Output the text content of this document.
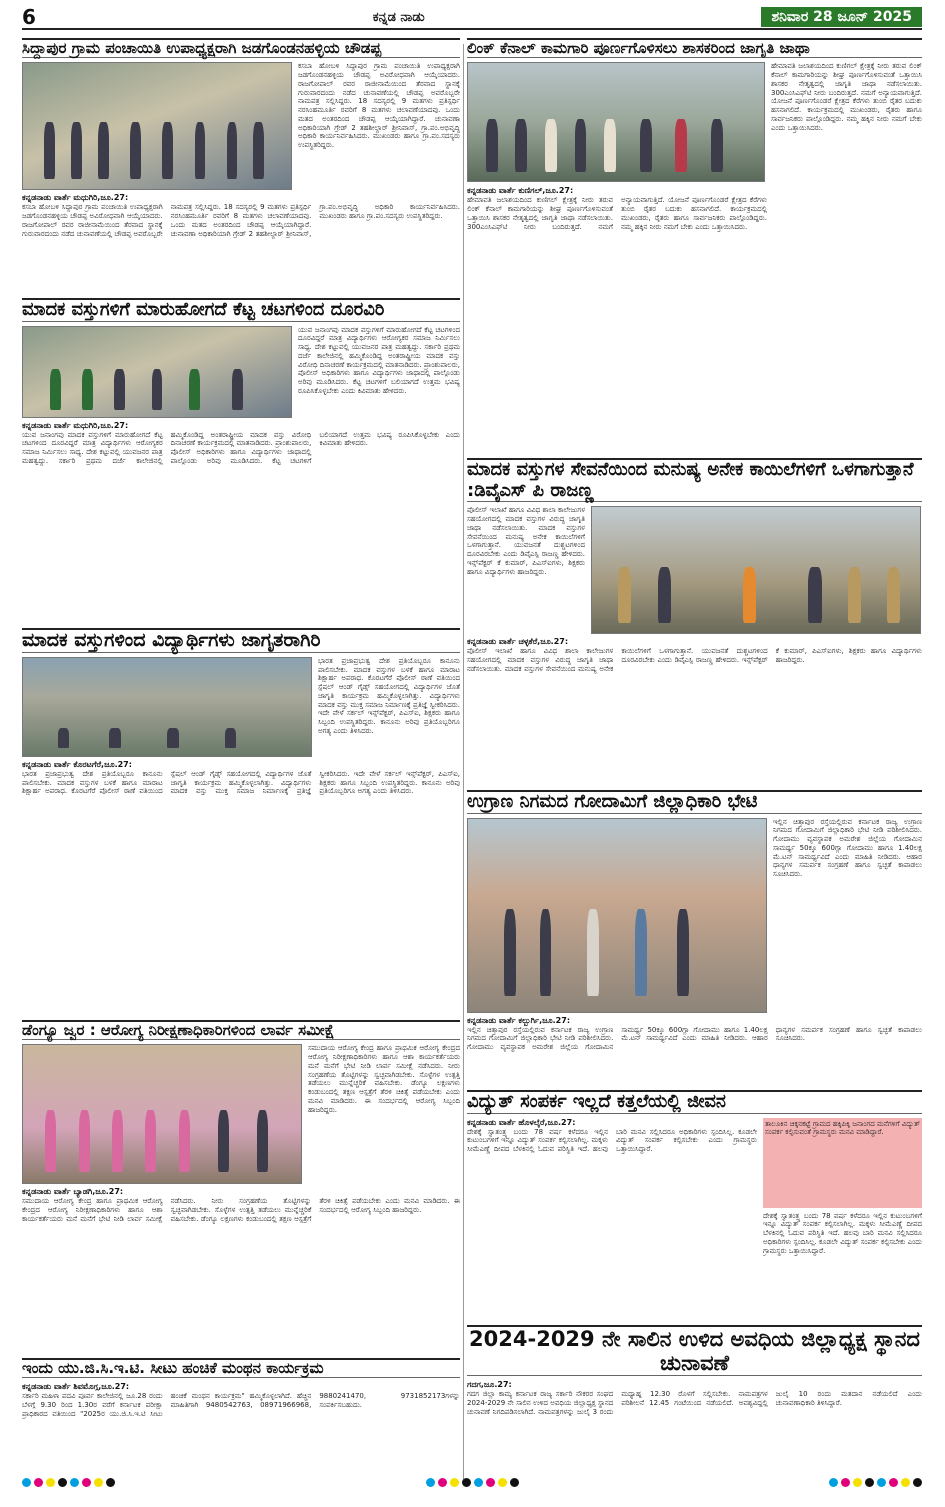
6	ಕನ್ನಡ ನಾಡು	ಶನಿವಾರ 28 ಜೂನ್ 2025
ಸಿದ್ದಾಪುರ ಗ್ರಾಮ ಪಂಚಾಯಿತಿ ಉಪಾಧ್ಯಕ್ಷರಾಗಿ ಜಡಗೊಂಡನಹಳ್ಳಿಯ ಚೌಡಪ್ಪ
ಕಸಬಾ ಹೋಬಳಿ ಸಿದ್ದಾಪುರ ಗ್ರಾಮ ಪಂಚಾಯಿತಿ ಉಪಾಧ್ಯಕ್ಷರಾಗಿ ಜಡಗೊಂಡನಹಳ್ಳಿಯ ಚೌಡಪ್ಪ ಅವಿರೋಧವಾಗಿ ಆಯ್ಕೆಯಾದರು. ರಾಜಗೋಪಾಲ್ ರವರ ರಾಜೀನಾಮೆಯಿಂದ ತೆರವಾದ ಸ್ಥಾನಕ್ಕೆ ಗುರುವಾರದಂದು ನಡೆದ ಚುನಾವಣೆಯಲ್ಲಿ ಚೌಡಪ್ಪ ಅವರೊಬ್ಬರೇ ನಾಮಪತ್ರ ಸಲ್ಲಿಸಿದ್ದರು. 18 ಸದಸ್ಯರಲ್ಲಿ 9 ಮತಗಳು ಪ್ರತಿಸ್ಪರ್ಧಿ ನರಸಿಂಹಮೂರ್ತಿ ರವರಿಗೆ 8 ಮತಗಳು ಚಲಾವಣೆಯಾದವು. ಒಂದು ಮತದ ಅಂತರದಿಂದ ಚೌಡಪ್ಪ ಆಯ್ಕೆಯಾಗಿದ್ದಾರೆ. ಚುನಾವಣಾ ಅಧಿಕಾರಿಯಾಗಿ ಗ್ರೇಡ್ 2 ತಹಶೀಲ್ದಾರ್ ಶ್ರೀನಿವಾಸ್, ಗ್ರಾ.ಪಂ.ಅಭಿವೃದ್ಧಿ ಅಧಿಕಾರಿ ಕಾರ್ಯನಿರ್ವಹಿಸಿದರು. ಮುಖಂಡರು ಹಾಗೂ ಗ್ರಾ.ಪಂ.ಸದಸ್ಯರು ಉಪಸ್ಥಿತರಿದ್ದರು.
ಕನ್ನಡನಾಡು ವಾರ್ತೆ ಮಧುಗಿರಿ,ಜೂ.27:
ಕಸಬಾ ಹೋಬಳಿ ಸಿದ್ದಾಪುರ ಗ್ರಾಮ ಪಂಚಾಯಿತಿ ಉಪಾಧ್ಯಕ್ಷರಾಗಿ ಜಡಗೊಂಡನಹಳ್ಳಿಯ ಚೌಡಪ್ಪ ಅವಿರೋಧವಾಗಿ ಆಯ್ಕೆಯಾದರು. ರಾಜಗೋಪಾಲ್ ರವರ ರಾಜೀನಾಮೆಯಿಂದ ತೆರವಾದ ಸ್ಥಾನಕ್ಕೆ ಗುರುವಾರದಂದು ನಡೆದ ಚುನಾವಣೆಯಲ್ಲಿ ಚೌಡಪ್ಪ ಅವರೊಬ್ಬರೇ ನಾಮಪತ್ರ ಸಲ್ಲಿಸಿದ್ದರು. 18 ಸದಸ್ಯರಲ್ಲಿ 9 ಮತಗಳು ಪ್ರತಿಸ್ಪರ್ಧಿ ನರಸಿಂಹಮೂರ್ತಿ ರವರಿಗೆ 8 ಮತಗಳು ಚಲಾವಣೆಯಾದವು. ಒಂದು ಮತದ ಅಂತರದಿಂದ ಚೌಡಪ್ಪ ಆಯ್ಕೆಯಾಗಿದ್ದಾರೆ. ಚುನಾವಣಾ ಅಧಿಕಾರಿಯಾಗಿ ಗ್ರೇಡ್ 2 ತಹಶೀಲ್ದಾರ್ ಶ್ರೀನಿವಾಸ್, ಗ್ರಾ.ಪಂ.ಅಭಿವೃದ್ಧಿ ಅಧಿಕಾರಿ ಕಾರ್ಯನಿರ್ವಹಿಸಿದರು. ಮುಖಂಡರು ಹಾಗೂ ಗ್ರಾ.ಪಂ.ಸದಸ್ಯರು ಉಪಸ್ಥಿತರಿದ್ದರು.
ಮಾದಕ ವಸ್ತುಗಳಿಗೆ ಮಾರುಹೋಗದೆ ಕೆಟ್ಟ ಚಟಗಳಿಂದ ದೂರವಿರಿ
ಯುವ ಜನಾಂಗವು ಮಾದಕ ವಸ್ತುಗಳಿಗೆ ಮಾರುಹೋಗದೆ ಕೆಟ್ಟ ಚಟಗಳಿಂದ ದೂರವಿದ್ದರೆ ಮಾತ್ರ ವಿದ್ಯಾರ್ಥಿಗಳು ಆರೋಗ್ಯಕರ ಸಮಾಜ ನಿರ್ಮಿಸಲು ಸಾಧ್ಯ. ದೇಶ ಕಟ್ಟುವಲ್ಲಿ ಯುವಜನರ ಪಾತ್ರ ಮಹತ್ವದ್ದು. ಸರ್ಕಾರಿ ಪ್ರಥಮ ದರ್ಜೆ ಕಾಲೇಜಿನಲ್ಲಿ ಹಮ್ಮಿಕೊಂಡಿದ್ದ ಅಂತರಾಷ್ಟ್ರೀಯ ಮಾದಕ ವಸ್ತು ವಿರೋಧಿ ದಿನಾಚರಣೆ ಕಾರ್ಯಕ್ರಮದಲ್ಲಿ ಮಾತನಾಡಿದರು. ಪ್ರಾಂಶುಪಾಲರು, ಪೊಲೀಸ್ ಅಧಿಕಾರಿಗಳು ಹಾಗೂ ವಿದ್ಯಾರ್ಥಿಗಳು ಜಾಥಾದಲ್ಲಿ ಪಾಲ್ಗೊಂಡು ಅರಿವು ಮೂಡಿಸಿದರು. ಕೆಟ್ಟ ಚಟಗಳಿಗೆ ಬಲಿಯಾಗದೆ ಉತ್ತಮ ಭವಿಷ್ಯ ರೂಪಿಸಿಕೊಳ್ಳಬೇಕು ಎಂದು ಕಿವಿಮಾತು ಹೇಳಿದರು.
ಕನ್ನಡನಾಡು ವಾರ್ತೆ ಮಧುಗಿರಿ,ಜೂ.27:
ಯುವ ಜನಾಂಗವು ಮಾದಕ ವಸ್ತುಗಳಿಗೆ ಮಾರುಹೋಗದೆ ಕೆಟ್ಟ ಚಟಗಳಿಂದ ದೂರವಿದ್ದರೆ ಮಾತ್ರ ವಿದ್ಯಾರ್ಥಿಗಳು ಆರೋಗ್ಯಕರ ಸಮಾಜ ನಿರ್ಮಿಸಲು ಸಾಧ್ಯ. ದೇಶ ಕಟ್ಟುವಲ್ಲಿ ಯುವಜನರ ಪಾತ್ರ ಮಹತ್ವದ್ದು. ಸರ್ಕಾರಿ ಪ್ರಥಮ ದರ್ಜೆ ಕಾಲೇಜಿನಲ್ಲಿ ಹಮ್ಮಿಕೊಂಡಿದ್ದ ಅಂತರಾಷ್ಟ್ರೀಯ ಮಾದಕ ವಸ್ತು ವಿರೋಧಿ ದಿನಾಚರಣೆ ಕಾರ್ಯಕ್ರಮದಲ್ಲಿ ಮಾತನಾಡಿದರು. ಪ್ರಾಂಶುಪಾಲರು, ಪೊಲೀಸ್ ಅಧಿಕಾರಿಗಳು ಹಾಗೂ ವಿದ್ಯಾರ್ಥಿಗಳು ಜಾಥಾದಲ್ಲಿ ಪಾಲ್ಗೊಂಡು ಅರಿವು ಮೂಡಿಸಿದರು. ಕೆಟ್ಟ ಚಟಗಳಿಗೆ ಬಲಿಯಾಗದೆ ಉತ್ತಮ ಭವಿಷ್ಯ ರೂಪಿಸಿಕೊಳ್ಳಬೇಕು ಎಂದು ಕಿವಿಮಾತು ಹೇಳಿದರು.
ಮಾದಕ ವಸ್ತುಗಳಿಂದ ವಿದ್ಯಾರ್ಥಿಗಳು ಜಾಗೃತರಾಗಿರಿ
ಭಾರತ ಪ್ರಜಾಪ್ರಭುತ್ವ ದೇಶ ಪ್ರತಿಯೊಬ್ಬರೂ ಕಾನೂನು ಪಾಲಿಸಬೇಕು. ಮಾದಕ ವಸ್ತುಗಳ ಬಳಕೆ ಹಾಗೂ ಮಾರಾಟ ಶಿಕ್ಷಾರ್ಹ ಅಪರಾಧ. ಕೊರಟಗೆರೆ ಪೊಲೀಸ್ ಠಾಣೆ ವತಿಯಿಂದ ಸ್ಪೆಷಲ್ ಆಂಡ್ ಗೈಡ್ಸ್ ಸಹಯೋಗದಲ್ಲಿ ವಿದ್ಯಾರ್ಥಿಗಳ ಜೊತೆ ಜಾಗೃತಿ ಕಾರ್ಯಕ್ರಮ ಹಮ್ಮಿಕೊಳ್ಳಲಾಗಿತ್ತು. ವಿದ್ಯಾರ್ಥಿಗಳು ಮಾದಕ ವಸ್ತು ಮುಕ್ತ ಸಮಾಜ ನಿರ್ಮಾಣಕ್ಕೆ ಪ್ರತಿಜ್ಞೆ ಸ್ವೀಕರಿಸಿದರು. ಇದೇ ವೇಳೆ ಸರ್ಕಲ್ ಇನ್ಸ್‌ಪೆಕ್ಟರ್, ಪಿಎಸ್‌ಐ, ಶಿಕ್ಷಕರು ಹಾಗೂ ಸಿಬ್ಬಂದಿ ಉಪಸ್ಥಿತರಿದ್ದರು. ಕಾನೂನು ಅರಿವು ಪ್ರತಿಯೊಬ್ಬರಿಗೂ ಅಗತ್ಯ ಎಂದು ತಿಳಿಸಿದರು.
ಕನ್ನಡನಾಡು ವಾರ್ತೆ ಕೊರಟಗೆರೆ,ಜೂ.27:
ಭಾರತ ಪ್ರಜಾಪ್ರಭುತ್ವ ದೇಶ ಪ್ರತಿಯೊಬ್ಬರೂ ಕಾನೂನು ಪಾಲಿಸಬೇಕು. ಮಾದಕ ವಸ್ತುಗಳ ಬಳಕೆ ಹಾಗೂ ಮಾರಾಟ ಶಿಕ್ಷಾರ್ಹ ಅಪರಾಧ. ಕೊರಟಗೆರೆ ಪೊಲೀಸ್ ಠಾಣೆ ವತಿಯಿಂದ ಸ್ಪೆಷಲ್ ಆಂಡ್ ಗೈಡ್ಸ್ ಸಹಯೋಗದಲ್ಲಿ ವಿದ್ಯಾರ್ಥಿಗಳ ಜೊತೆ ಜಾಗೃತಿ ಕಾರ್ಯಕ್ರಮ ಹಮ್ಮಿಕೊಳ್ಳಲಾಗಿತ್ತು. ವಿದ್ಯಾರ್ಥಿಗಳು ಮಾದಕ ವಸ್ತು ಮುಕ್ತ ಸಮಾಜ ನಿರ್ಮಾಣಕ್ಕೆ ಪ್ರತಿಜ್ಞೆ ಸ್ವೀಕರಿಸಿದರು. ಇದೇ ವೇಳೆ ಸರ್ಕಲ್ ಇನ್ಸ್‌ಪೆಕ್ಟರ್, ಪಿಎಸ್‌ಐ, ಶಿಕ್ಷಕರು ಹಾಗೂ ಸಿಬ್ಬಂದಿ ಉಪಸ್ಥಿತರಿದ್ದರು. ಕಾನೂನು ಅರಿವು ಪ್ರತಿಯೊಬ್ಬರಿಗೂ ಅಗತ್ಯ ಎಂದು ತಿಳಿಸಿದರು.
ಡೆಂಗ್ಯೂ ಜ್ವರ : ಆರೋಗ್ಯ ನಿರೀಕ್ಷಣಾಧಿಕಾರಿಗಳಿಂದ ಲಾರ್ವ ಸಮೀಕ್ಷೆ
ಸಮುದಾಯ ಆರೋಗ್ಯ ಕೇಂದ್ರ ಹಾಗೂ ಪ್ರಾಥಮಿಕ ಆರೋಗ್ಯ ಕೇಂದ್ರದ ಆರೋಗ್ಯ ನಿರೀಕ್ಷಣಾಧಿಕಾರಿಗಳು ಹಾಗೂ ಆಶಾ ಕಾರ್ಯಕರ್ತೆಯರು ಮನೆ ಮನೆಗೆ ಭೇಟಿ ನೀಡಿ ಲಾರ್ವ ಸಮೀಕ್ಷೆ ನಡೆಸಿದರು. ನೀರು ಸಂಗ್ರಹಣೆಯ ತೊಟ್ಟಿಗಳನ್ನು ಸ್ವಚ್ಛವಾಗಿಡಬೇಕು. ಸೊಳ್ಳೆಗಳ ಉತ್ಪತ್ತಿ ತಡೆಯಲು ಮುನ್ನೆಚ್ಚರಿಕೆ ವಹಿಸಬೇಕು. ಡೆಂಗ್ಯೂ ಲಕ್ಷಣಗಳು ಕಂಡುಬಂದಲ್ಲಿ ತಕ್ಷಣ ಆಸ್ಪತ್ರೆಗೆ ತೆರಳಿ ಚಿಕಿತ್ಸೆ ಪಡೆಯಬೇಕು ಎಂದು ಮನವಿ ಮಾಡಿದರು. ಈ ಸಂದರ್ಭದಲ್ಲಿ ಆರೋಗ್ಯ ಸಿಬ್ಬಂದಿ ಹಾಜರಿದ್ದರು.
ಕನ್ನಡನಾಡು ವಾರ್ತೆ ಬ್ಯಾಡಗಿ,ಜೂ.27:
ಸಮುದಾಯ ಆರೋಗ್ಯ ಕೇಂದ್ರ ಹಾಗೂ ಪ್ರಾಥಮಿಕ ಆರೋಗ್ಯ ಕೇಂದ್ರದ ಆರೋಗ್ಯ ನಿರೀಕ್ಷಣಾಧಿಕಾರಿಗಳು ಹಾಗೂ ಆಶಾ ಕಾರ್ಯಕರ್ತೆಯರು ಮನೆ ಮನೆಗೆ ಭೇಟಿ ನೀಡಿ ಲಾರ್ವ ಸಮೀಕ್ಷೆ ನಡೆಸಿದರು. ನೀರು ಸಂಗ್ರಹಣೆಯ ತೊಟ್ಟಿಗಳನ್ನು ಸ್ವಚ್ಛವಾಗಿಡಬೇಕು. ಸೊಳ್ಳೆಗಳ ಉತ್ಪತ್ತಿ ತಡೆಯಲು ಮುನ್ನೆಚ್ಚರಿಕೆ ವಹಿಸಬೇಕು. ಡೆಂಗ್ಯೂ ಲಕ್ಷಣಗಳು ಕಂಡುಬಂದಲ್ಲಿ ತಕ್ಷಣ ಆಸ್ಪತ್ರೆಗೆ ತೆರಳಿ ಚಿಕಿತ್ಸೆ ಪಡೆಯಬೇಕು ಎಂದು ಮನವಿ ಮಾಡಿದರು. ಈ ಸಂದರ್ಭದಲ್ಲಿ ಆರೋಗ್ಯ ಸಿಬ್ಬಂದಿ ಹಾಜರಿದ್ದರು.
ಇಂದು ಯು.ಜಿ.ಸಿ.ಇ.ಟಿ. ಸೀಟು ಹಂಚಿಕೆ ಮಂಥನ ಕಾರ್ಯಕ್ರಮ
ಕನ್ನಡನಾಡು ವಾರ್ತೆ ಶಿವಮೊಗ್ಗ,ಜೂ.27:
ಸರ್ಕಾರಿ ಮಹಿಳಾ ಪದವಿ ಪೂರ್ವ ಕಾಲೇಜಿನಲ್ಲಿ ಜೂ.28 ರಂದು ಬೆಳಗ್ಗೆ 9.30 ರಿಂದ 1.30ರ ವರೆಗೆ ಕರ್ನಾಟಕ ಪರೀಕ್ಷಾ ಪ್ರಾಧಿಕಾರದ ವತಿಯಿಂದ "2025ರ ಯು.ಜಿ.ಸಿ.ಇ.ಟಿ ಸೀಟು ಹಂಚಿಕೆ ಮಂಥನ ಕಾರ್ಯಕ್ರಮ" ಹಮ್ಮಿಕೊಳ್ಳಲಾಗಿದೆ. ಹೆಚ್ಚಿನ ಮಾಹಿತಿಗಾಗಿ 9480542763, 08971966968, 9880241470, 9731852173ಗಳನ್ನು ಸಂಪರ್ಕಿಸಬಹುದು.
ಲಿಂಕ್ ಕೆನಾಲ್ ಕಾಮಗಾರಿ ಪೂರ್ಣಗೊಳಿಸಲು ಶಾಸಕರಿಂದ ಜಾಗೃತಿ ಜಾಥಾ
ಹೇಮಾವತಿ ಜಲಾಶಯದಿಂದ ಕುಣಿಗಲ್ ಕ್ಷೇತ್ರಕ್ಕೆ ನೀರು ತರುವ ಲಿಂಕ್ ಕೆನಾಲ್ ಕಾಮಗಾರಿಯನ್ನು ಶೀಘ್ರ ಪೂರ್ಣಗೊಳಿಸುವಂತೆ ಒತ್ತಾಯಿಸಿ ಶಾಸಕರ ನೇತೃತ್ವದಲ್ಲಿ ಜಾಗೃತಿ ಜಾಥಾ ನಡೆಸಲಾಯಿತು. 300ಎಂಸಿಎಫ್‌ಟಿ ನೀರು ಬಂದಿರುತ್ತದೆ. ನಮಗೆ ಅನ್ಯಾಯವಾಗುತ್ತಿದೆ. ಯೋಜನೆ ಪೂರ್ಣಗೊಂಡರೆ ಕ್ಷೇತ್ರದ ಕೆರೆಗಳು ತುಂಬಿ ರೈತರ ಬದುಕು ಹಸನಾಗಲಿದೆ. ಕಾರ್ಯಕ್ರಮದಲ್ಲಿ ಮುಖಂಡರು, ರೈತರು ಹಾಗೂ ಸಾರ್ವಜನಿಕರು ಪಾಲ್ಗೊಂಡಿದ್ದರು. ನಮ್ಮ ಹಕ್ಕಿನ ನೀರು ನಮಗೆ ಬೇಕು ಎಂದು ಒತ್ತಾಯಿಸಿದರು.
ಕನ್ನಡನಾಡು ವಾರ್ತೆ ಕುಣಿಗಲ್,ಜೂ.27:
ಹೇಮಾವತಿ ಜಲಾಶಯದಿಂದ ಕುಣಿಗಲ್ ಕ್ಷೇತ್ರಕ್ಕೆ ನೀರು ತರುವ ಲಿಂಕ್ ಕೆನಾಲ್ ಕಾಮಗಾರಿಯನ್ನು ಶೀಘ್ರ ಪೂರ್ಣಗೊಳಿಸುವಂತೆ ಒತ್ತಾಯಿಸಿ ಶಾಸಕರ ನೇತೃತ್ವದಲ್ಲಿ ಜಾಗೃತಿ ಜಾಥಾ ನಡೆಸಲಾಯಿತು. 300ಎಂಸಿಎಫ್‌ಟಿ ನೀರು ಬಂದಿರುತ್ತದೆ. ನಮಗೆ ಅನ್ಯಾಯವಾಗುತ್ತಿದೆ. ಯೋಜನೆ ಪೂರ್ಣಗೊಂಡರೆ ಕ್ಷೇತ್ರದ ಕೆರೆಗಳು ತುಂಬಿ ರೈತರ ಬದುಕು ಹಸನಾಗಲಿದೆ. ಕಾರ್ಯಕ್ರಮದಲ್ಲಿ ಮುಖಂಡರು, ರೈತರು ಹಾಗೂ ಸಾರ್ವಜನಿಕರು ಪಾಲ್ಗೊಂಡಿದ್ದರು. ನಮ್ಮ ಹಕ್ಕಿನ ನೀರು ನಮಗೆ ಬೇಕು ಎಂದು ಒತ್ತಾಯಿಸಿದರು.
ಮಾದಕ ವಸ್ತುಗಳ ಸೇವನೆಯಿಂದ ಮನುಷ್ಯ ಅನೇಕ ಕಾಯಿಲೆಗಳಿಗೆ ಒಳಗಾಗುತ್ತಾನೆ :ಡಿವೈಎಸ್ ಪಿ ರಾಜಣ್ಣ
ಪೊಲೀಸ್ ಇಲಾಖೆ ಹಾಗೂ ವಿವಿಧ ಶಾಲಾ ಕಾಲೇಜುಗಳ ಸಹಯೋಗದಲ್ಲಿ ಮಾದಕ ವಸ್ತುಗಳ ವಿರುದ್ಧ ಜಾಗೃತಿ ಜಾಥಾ ನಡೆಸಲಾಯಿತು. ಮಾದಕ ವಸ್ತುಗಳ ಸೇವನೆಯಿಂದ ಮನುಷ್ಯ ಅನೇಕ ಕಾಯಿಲೆಗಳಿಗೆ ಒಳಗಾಗುತ್ತಾನೆ. ಯುವಜನತೆ ದುಶ್ಚಟಗಳಿಂದ ದೂರವಿರಬೇಕು ಎಂದು ಡಿವೈಎಸ್ಪಿ ರಾಜಣ್ಣ ಹೇಳಿದರು. ಇನ್ಸ್‌ಪೆಕ್ಟರ್ ಕೆ ಕುಮಾರ್, ಪಿಎಸ್‌ಐಗಳು, ಶಿಕ್ಷಕರು ಹಾಗೂ ವಿದ್ಯಾರ್ಥಿಗಳು ಹಾಜರಿದ್ದರು.
ಕನ್ನಡನಾಡು ವಾರ್ತೆ ಚಳ್ಳಕೆರೆ,ಜೂ.27:
ಪೊಲೀಸ್ ಇಲಾಖೆ ಹಾಗೂ ವಿವಿಧ ಶಾಲಾ ಕಾಲೇಜುಗಳ ಸಹಯೋಗದಲ್ಲಿ ಮಾದಕ ವಸ್ತುಗಳ ವಿರುದ್ಧ ಜಾಗೃತಿ ಜಾಥಾ ನಡೆಸಲಾಯಿತು. ಮಾದಕ ವಸ್ತುಗಳ ಸೇವನೆಯಿಂದ ಮನುಷ್ಯ ಅನೇಕ ಕಾಯಿಲೆಗಳಿಗೆ ಒಳಗಾಗುತ್ತಾನೆ. ಯುವಜನತೆ ದುಶ್ಚಟಗಳಿಂದ ದೂರವಿರಬೇಕು ಎಂದು ಡಿವೈಎಸ್ಪಿ ರಾಜಣ್ಣ ಹೇಳಿದರು. ಇನ್ಸ್‌ಪೆಕ್ಟರ್ ಕೆ ಕುಮಾರ್, ಪಿಎಸ್‌ಐಗಳು, ಶಿಕ್ಷಕರು ಹಾಗೂ ವಿದ್ಯಾರ್ಥಿಗಳು ಹಾಜರಿದ್ದರು.
ಉಗ್ರಾಣ ನಿಗಮದ ಗೋದಾಮಿಗೆ ಜಿಲ್ಲಾಧಿಕಾರಿ ಭೇಟಿ
ಇಲ್ಲಿನ ಚಿತ್ತಾಪುರ ರಸ್ತೆಯಲ್ಲಿರುವ ಕರ್ನಾಟಕ ರಾಜ್ಯ ಉಗ್ರಾಣ ನಿಗಮದ ಗೋದಾಮಿಗೆ ಜಿಲ್ಲಾಧಿಕಾರಿ ಭೇಟಿ ನೀಡಿ ಪರಿಶೀಲಿಸಿದರು. ಗೋದಾಮು ವ್ಯವಸ್ಥಾಪಕ ಅಮರೇಶ ಜಿಲ್ಲೆಯ ಗೋದಾಮಿನ ಸಾಮರ್ಥ್ಯ 50ಕ್ಕೂ 600ಗ್ಲಾ ಗೋದಾಮು ಹಾಗೂ 1.40ಲಕ್ಷ ಮೆ.ಟನ್ ಸಾಮರ್ಥ್ಯವಿದೆ ಎಂದು ಮಾಹಿತಿ ನೀಡಿದರು. ಆಹಾರ ಧಾನ್ಯಗಳ ಸಮರ್ಪಕ ಸಂಗ್ರಹಣೆ ಹಾಗೂ ಸ್ವಚ್ಛತೆ ಕಾಪಾಡಲು ಸೂಚಿಸಿದರು.
ಕನ್ನಡನಾಡು ವಾರ್ತೆ ಕಲ್ಬುರ್ಗಿ,ಜೂ.27:
ಇಲ್ಲಿನ ಚಿತ್ತಾಪುರ ರಸ್ತೆಯಲ್ಲಿರುವ ಕರ್ನಾಟಕ ರಾಜ್ಯ ಉಗ್ರಾಣ ನಿಗಮದ ಗೋದಾಮಿಗೆ ಜಿಲ್ಲಾಧಿಕಾರಿ ಭೇಟಿ ನೀಡಿ ಪರಿಶೀಲಿಸಿದರು. ಗೋದಾಮು ವ್ಯವಸ್ಥಾಪಕ ಅಮರೇಶ ಜಿಲ್ಲೆಯ ಗೋದಾಮಿನ ಸಾಮರ್ಥ್ಯ 50ಕ್ಕೂ 600ಗ್ಲಾ ಗೋದಾಮು ಹಾಗೂ 1.40ಲಕ್ಷ ಮೆ.ಟನ್ ಸಾಮರ್ಥ್ಯವಿದೆ ಎಂದು ಮಾಹಿತಿ ನೀಡಿದರು. ಆಹಾರ ಧಾನ್ಯಗಳ ಸಮರ್ಪಕ ಸಂಗ್ರಹಣೆ ಹಾಗೂ ಸ್ವಚ್ಛತೆ ಕಾಪಾಡಲು ಸೂಚಿಸಿದರು.
ವಿದ್ಯುತ್ ಸಂಪರ್ಕ ಇಲ್ಲದೆ ಕತ್ತಲೆಯಲ್ಲಿ ಜೀವನ
ಕನ್ನಡನಾಡು ವಾರ್ತೆ ಹೊಳಲ್ಕೆರೆ,ಜೂ.27:
ದೇಶಕ್ಕೆ ಸ್ವಾತಂತ್ರ್ಯ ಬಂದು 78 ವರ್ಷ ಕಳೆದರೂ ಇಲ್ಲಿನ ಕುಟುಂಬಗಳಿಗೆ ಇನ್ನೂ ವಿದ್ಯುತ್ ಸಂಪರ್ಕ ಕಲ್ಪಿಸಲಾಗಿಲ್ಲ. ಮಕ್ಕಳು ಸೀಮೆಎಣ್ಣೆ ದೀಪದ ಬೆಳಕಿನಲ್ಲಿ ಓದುವ ಪರಿಸ್ಥಿತಿ ಇದೆ. ಹಲವು ಬಾರಿ ಮನವಿ ಸಲ್ಲಿಸಿದರೂ ಅಧಿಕಾರಿಗಳು ಸ್ಪಂದಿಸಿಲ್ಲ. ಕೂಡಲೇ ವಿದ್ಯುತ್ ಸಂಪರ್ಕ ಕಲ್ಪಿಸಬೇಕು ಎಂದು ಗ್ರಾಮಸ್ಥರು ಒತ್ತಾಯಿಸಿದ್ದಾರೆ.
ತಾಲೂಕಿನ ಚಿಕ್ಕನಕಟ್ಟೆ ಗ್ರಾಮದ ಹಕ್ಕಿಪಿಕ್ಕಿ ಜನಾಂಗದ ಮನೆಗಳಿಗೆ ವಿದ್ಯುತ್ ಸಂಪರ್ಕ ಕಲ್ಪಿಸುವಂತೆ ಗ್ರಾಮಸ್ಥರು ಮನವಿ ಮಾಡಿದ್ದಾರೆ.
ದೇಶಕ್ಕೆ ಸ್ವಾತಂತ್ರ್ಯ ಬಂದು 78 ವರ್ಷ ಕಳೆದರೂ ಇಲ್ಲಿನ ಕುಟುಂಬಗಳಿಗೆ ಇನ್ನೂ ವಿದ್ಯುತ್ ಸಂಪರ್ಕ ಕಲ್ಪಿಸಲಾಗಿಲ್ಲ. ಮಕ್ಕಳು ಸೀಮೆಎಣ್ಣೆ ದೀಪದ ಬೆಳಕಿನಲ್ಲಿ ಓದುವ ಪರಿಸ್ಥಿತಿ ಇದೆ. ಹಲವು ಬಾರಿ ಮನವಿ ಸಲ್ಲಿಸಿದರೂ ಅಧಿಕಾರಿಗಳು ಸ್ಪಂದಿಸಿಲ್ಲ. ಕೂಡಲೇ ವಿದ್ಯುತ್ ಸಂಪರ್ಕ ಕಲ್ಪಿಸಬೇಕು ಎಂದು ಗ್ರಾಮಸ್ಥರು ಒತ್ತಾಯಿಸಿದ್ದಾರೆ.
2024-2029 ನೇ ಸಾಲಿನ ಉಳಿದ ಅವಧಿಯ ಜಿಲ್ಲಾಧ್ಯಕ್ಷ ಸ್ಥಾನದ ಚುನಾವಣೆ
ಗದಗ,ಜೂ.27:
ಗದಗ ಜಿಲ್ಲಾ ಕಾಮ್ಯ ಕರ್ನಾಟಕ ರಾಜ್ಯ ಸರ್ಕಾರಿ ನೌಕರರ ಸಂಘದ 2024-2029 ನೇ ಸಾಲಿನ ಉಳಿದ ಅವಧಿಯ ಜಿಲ್ಲಾಧ್ಯಕ್ಷ ಸ್ಥಾನದ ಚುನಾವಣೆ ನಿಗದಿಪಡಿಸಲಾಗಿದೆ. ನಾಮಪತ್ರಗಳನ್ನು ಜುಲೈ 3 ರಂದು ಮಧ್ಯಾಹ್ನ 12.30 ರೊಳಗೆ ಸಲ್ಲಿಸಬೇಕು. ನಾಮಪತ್ರಗಳ ಪರಿಶೀಲನೆ 12.45 ಗಂಟೆಯಿಂದ ನಡೆಯಲಿದೆ. ಅವಶ್ಯವಿದ್ದಲ್ಲಿ ಜುಲೈ 10 ರಂದು ಮತದಾನ ನಡೆಯಲಿದೆ ಎಂದು ಚುನಾವಣಾಧಿಕಾರಿ ತಿಳಿಸಿದ್ದಾರೆ.
